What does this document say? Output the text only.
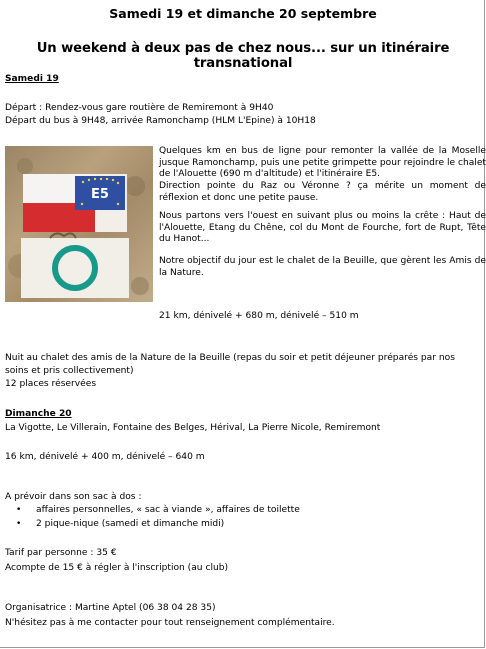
Samedi 19 et dimanche 20 septembre
Un weekend à deux pas de chez nous... sur un itinéraire transnational
Samedi 19
Départ : Rendez-vous gare routière de Remiremont à 9H40
Départ du bus à 9H48, arrivée Ramonchamp (HLM L'Epine) à 10H18
E5
Quelques km en bus de ligne pour remonter la vallée de la Moselle jusque Ramonchamp, puis une petite grimpette pour rejoindre le chalet de l'Alouette (690 m d'altitude) et l'itinéraire E5.
Direction pointe du Raz ou Véronne ? ça mérite un moment de réflexion et donc une petite pause.
Nous partons vers l'ouest en suivant plus ou moins la crête : Haut de l'Alouette, Etang du Chêne, col du Mont de Fourche, fort de Rupt, Tête du Hanot...
Notre objectif du jour est le chalet de la Beuille, que gèrent les Amis de la Nature.
21 km, dénivelé + 680 m, dénivelé – 510 m
Nuit au chalet des amis de la Nature de la Beuille (repas du soir et petit déjeuner préparés par nos
soins et pris collectivement)
12 places réservées
Dimanche 20
La Vigotte, Le Villerain, Fontaine des Belges, Hérival, La Pierre Nicole, Remiremont
16 km, dénivelé + 400 m, dénivelé – 640 m
A prévoir dans son sac à dos :
• affaires personnelles, « sac à viande », affaires de toilette
• 2 pique-nique (samedi et dimanche midi)
Tarif par personne : 35 €
Acompte de 15 € à régler à l'inscription (au club)
Organisatrice : Martine Aptel (06 38 04 28 35)
N'hésitez pas à me contacter pour tout renseignement complémentaire.
